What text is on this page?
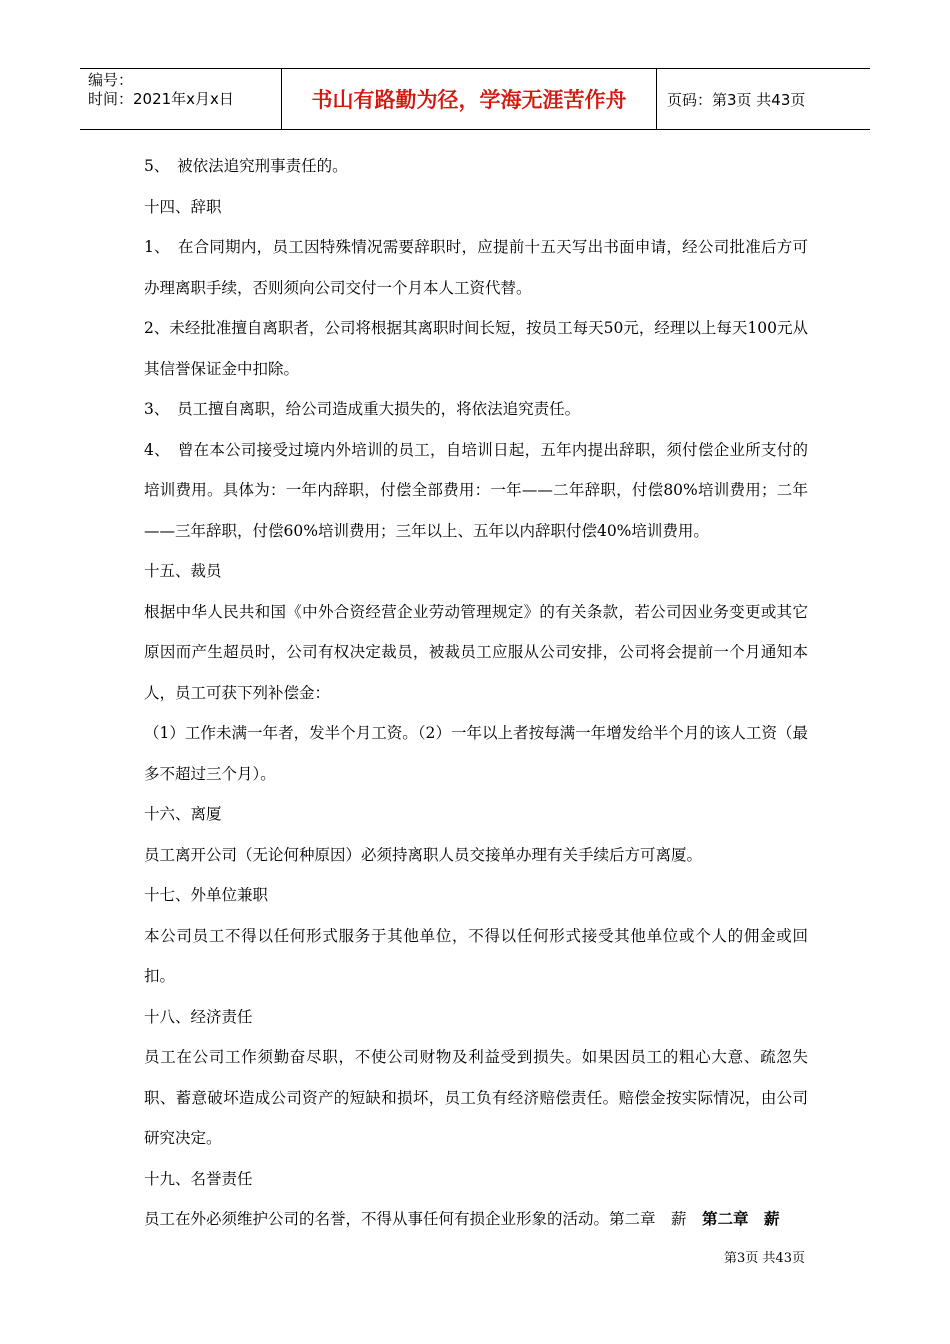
编号：
时间：2021年x月x日	书山有路勤为径，学海无涯苦作舟	页码：第3页 共43页

5、　被依法追究刑事责任的。

十四、辞职

1、　在合同期内，员工因特殊情况需要辞职时，应提前十五天写出书面申请，经公司批准后方可办理离职手续，否则须向公司交付一个月本人工资代替。

2、未经批准擅自离职者，公司将根据其离职时间长短，按员工每天50元，经理以上每天100元从其信誉保证金中扣除。

3、　员工擅自离职，给公司造成重大损失的，将依法追究责任。

4、　曾在本公司接受过境内外培训的员工，自培训日起，五年内提出辞职，须付偿企业所支付的培训费用。具体为：一年内辞职，付偿全部费用：一年——二年辞职，付偿80%培训费用；二年——三年辞职，付偿60%培训费用；三年以上、五年以内辞职付偿40%培训费用。

十五、裁员

根据中华人民共和国《中外合资经营企业劳动管理规定》的有关条款，若公司因业务变更或其它原因而产生超员时，公司有权决定裁员，被裁员工应服从公司安排，公司将会提前一个月通知本人，员工可获下列补偿金：

（1）工作未满一年者，发半个月工资。（2）一年以上者按每满一年增发给半个月的该人工资（最多不超过三个月）。

十六、离厦

员工离开公司（无论何种原因）必须持离职人员交接单办理有关手续后方可离厦。

十七、外单位兼职

本公司员工不得以任何形式服务于其他单位，不得以任何形式接受其他单位或个人的佣金或回扣。

十八、经济责任

员工在公司工作须勤奋尽职，不使公司财物及利益受到损失。如果因员工的粗心大意、疏忽失职、蓄意破坏造成公司资产的短缺和损坏，员工负有经济赔偿责任。赔偿金按实际情况，由公司研究决定。

十九、名誉责任

员工在外必须维护公司的名誉，不得从事任何有损企业形象的活动。第二章　薪　第二章　薪

第3页 共43页
